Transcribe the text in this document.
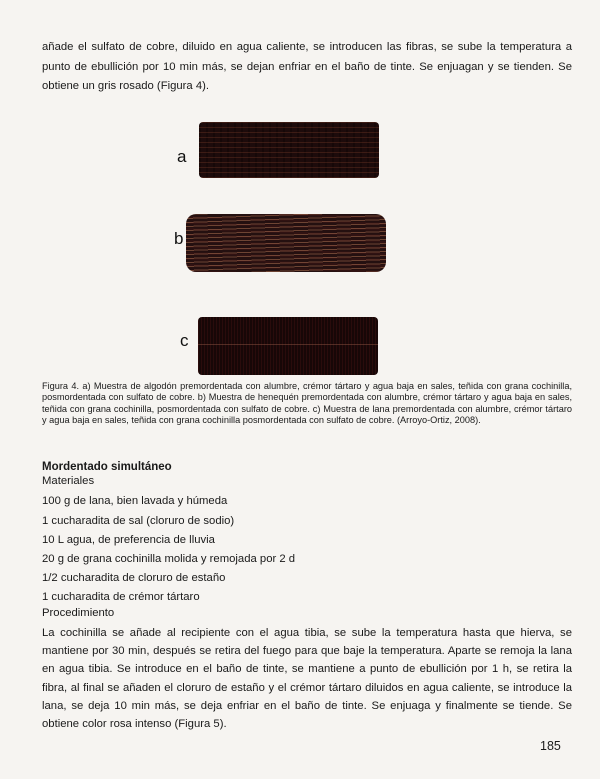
añade el sulfato de cobre, diluido en agua caliente, se introducen las fibras, se sube la temperatura a punto de ebullición por 10 min más, se dejan enfriar en el baño de tinte. Se enjuagan y se tienden. Se obtiene un gris rosado (Figura 4).

a
b
c

Figura 4. a) Muestra de algodón premordentada con alumbre, crémor tártaro y agua baja en sales, teñida con grana cochinilla, posmordentada con sulfato de cobre. b) Muestra de henequén premordentada con alumbre, crémor tártaro y agua baja en sales, teñida con grana cochinilla, posmordentada con sulfato de cobre. c) Muestra de lana premordentada con alumbre, crémor tártaro y agua baja en sales, teñida con grana cochinilla posmordentada con sulfato de cobre. (Arroyo-Ortiz, 2008).

Mordentado simultáneo

Materiales

100 g de lana, bien lavada y húmeda

1 cucharadita de sal (cloruro de sodio)

10 L agua, de preferencia de lluvia

20 g de grana cochinilla molida y remojada por 2 d

1/2 cucharadita de cloruro de estaño

1 cucharadita de crémor tártaro

Procedimiento

La cochinilla se añade al recipiente con el agua tibia, se sube la temperatura hasta que hierva, se mantiene por 30 min, después se retira del fuego para que baje la temperatura. Aparte se remoja la lana en agua tibia. Se introduce en el baño de tinte, se mantiene a punto de ebullición por 1 h, se retira la fibra, al final se añaden el cloruro de estaño y el crémor tártaro diluidos en agua caliente, se introduce la lana, se deja 10 min más, se deja enfriar en el baño de tinte. Se enjuaga y finalmente se tiende. Se obtiene color rosa intenso (Figura 5).

185
